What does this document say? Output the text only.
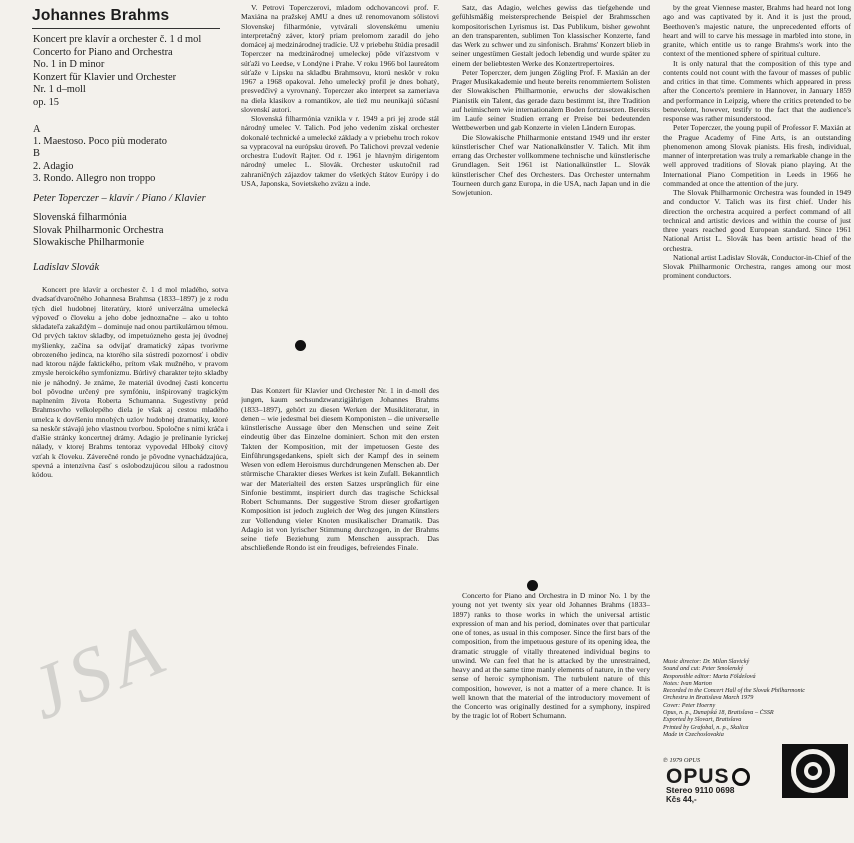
Johannes Brahms
Koncert pre klavír a orchester č. 1 d mol
Concerto for Piano and Orchestra
No. 1 in D minor
Konzert für Klavier und Orchester
Nr. 1 d–moll
op. 15
A
1. Maestoso. Poco più moderato
B
2. Adagio
3. Rondo. Allegro non troppo
Peter Toperczer – klavír / Piano / Klavier
Slovenská filharmónia
Slovak Philharmonic Orchestra
Slowakische Philharmonie
Ladislav Slovák

Koncert pre klavír a orchester č. 1 d mol mladého, sotva dvadsaťdvaročného Johannesa Brahmsa (1833–1897) je z rodu tých diel hudobnej literatúry, ktoré univerzálna umelecká výpoveď o človeku a jeho dobe jednoznačne – ako u tohto skladateľa zakaždým – dominuje nad onou partikulárnou témou. Od prvých taktov skladby, od impetuózneho gesta jej úvodnej myšlienky, začína sa odvíjať dramatický zápas tvorivme obrozeného jedinca, na ktorého sila sústredí pozornosť i obdiv nad ktorou nájde faktického, prítom však mužného, v pravom zmysle heroického symfonizmu. Búrlivý charakter tejto skladby nie je náhodný. Je známe, že materiál úvodnej časti koncertu bol pôvodne určený pre symfóniu, inšpirovaný tragickým naplnením života Roberta Schumanna. Sugestívny prúd Brahmsovho velkolepého diela je však aj cestou mladého umelca k dovŕšeniu mnohých uzlov hudobnej dramatiky, ktoré sa neskôr stávajú jeho vlastnou tvorbou. Spoločne s nimi kráča i ďalšie stránky koncertnej drámy. Adagio je prelínanie lyrickej nálady, v ktorej Brahms tentoraz vypovedal Hlboký citový vzťah k človeku. Záverečné rondo je pôvodne vynachádzajúca, spevná a intenzívna časť s oslobodzujúcou silou a radostnou kódou.

V. Petrovi Toperczerovi, mladom odchovancovi prof. F. Maxiána na pražskej AMU a dnes už renomovanom sólistovi Slovenskej filharmónie, vytvárali slovenskému umeniu interpretačný záver, ktorý priam prelomom zaradil do jeho domácej aj medzinárodnej tradície. Už v priebehu štúdia presadil Toperczer na medzinárodnej umeleckej pôde víťazstvom v súťaži vo Leedse, v Londýne i Prahe. V roku 1966 bol laureátom súťaže v Lipsku na skladbu Brahmsovu, ktorú neskôr v roku 1967 a 1968 opakoval. Jeho umelecký profil je dnes bohatý, presvedčivý a vyrovnaný. Toperczer ako interpret sa zameriava na diela klasikov a romantikov, ale tiež mu neunikajú súčasní slovenskí autori.

Slovenská filharmónia vznikla v r. 1949 a pri jej zrode stál národný umelec V. Talich. Pod jeho vedením získal orchester dokonalé technické a umelecké základy a v priebehu troch rokov sa vypracoval na európsku úroveň. Po Talichovi prevzal vedenie orchestra Ľudovít Rajter. Od r. 1961 je hlavným dirigentom národný umelec L. Slovák. Orchester uskutočnil rad zahraničných zájazdov takmer do všetkých štátov Európy i do USA, Japonska, Sovietskeho zväzu a inde.

Das Konzert für Klavier und Orchester Nr. 1 in d-moll des jungen, kaum sechsundzwanzigjährigen Johannes Brahms (1833–1897), gehört zu diesen Werken der Musikliteratur, in denen – wie jedesmal bei diesem Komponisten – die universelle künstlerische Aussage über den Menschen und seine Zeit eindeutig über das Einzelne dominiert. Schon mit den ersten Takten der Komposition, mit der impetuosen Geste des Einführungsgedankens, spielt sich der Kampf des in seinem Wesen von edlem Heroismus durchdrungenen Menschen ab. Der stürmische Charakter dieses Werkes ist kein Zufall. Bekanntlich war der Materialteil des ersten Satzes ursprünglich für eine Sinfonie bestimmt, inspiriert durch das tragische Schicksal Robert Schumanns. Der suggestive Strom dieser großartigen Komposition ist jedoch zugleich der Weg des jungen Künstlers zur Vollendung vieler Knoten musikalischer Dramatik. Das Adagio ist von lyrischer Stimmung durchzogen, in der Brahms seine tiefe Beziehung zum Menschen aussprach. Das abschließende Rondo ist ein freudiges, befreiendes Finale.

Satz, das Adagio, welches gewiss das tiefgehende und gefühlsmäßig meistersprechende Beispiel der Brahmsschen kompositorischen Lyrismus ist. Das Publikum, bisher gewohnt an den transparenten, sublimen Ton klassischer Konzerte, fand das Werk zu schwer und zu sinfonisch. Brahms' Konzert blieb in seiner ungestümen Gestalt jedoch lebendig und wurde später zu einem der beliebtesten Werke des Konzertrepertoires.

Peter Toperczer, dem jungen Zögling Prof. F. Maxián an der Prager Musikakademie und heute bereits renommiertem Solisten der Slowakischen Philharmonie, erwuchs der slowakischen Pianistik ein Talent, das gerade dazu bestimmt ist, ihre Tradition auf heimischem wie internationalem Boden fortzusetzen. Bereits im Laufe seiner Studien errang er Preise bei bedeutenden Wettbewerben und gab Konzerte in vielen Ländern Europas.

Die Slowakische Philharmonie entstand 1949 und ihr erster künstlerischer Chef war Nationalkünstler V. Talich. Mit ihm errang das Orchester vollkommene technische und künstlerische Grundlagen. Seit 1961 ist Nationalkünstler L. Slovák künstlerischer Chef des Orchesters. Das Orchester unternahm Tourneen durch ganz Europa, in die USA, nach Japan und in die Sowjetunion.

Concerto for Piano and Orchestra in D minor No. 1 by the young not yet twenty six year old Johannes Brahms (1833–1897) ranks to those works in which the universal artistic expression of man and his period, dominates over that particular one of tones, as usual in this composer. Since the first bars of the composition, from the impetuous gesture of its opening idea, the dramatic struggle of vitally threatened individual begins to unwind. We can feel that he is attacked by the unrestrained, heavy and at the same time manly elements of nature, in the very sense of heroic symphonism. The turbulent nature of this composition, however, is not a matter of a mere chance. It is well known that the material of the introductory movement of the Concerto was originally destined for a symphony, inspired by the tragic lot of Robert Schumann.

by the great Viennese master, Brahms had heard not long ago and was captivated by it. And it is just the proud, Beethoven's majestic nature, the unprecedented efforts of heart and will to carve his message in marbled into stone, in granite, which entitle us to range Brahms's work into the context of the mentioned sphere of spiritual culture.

It is only natural that the composition of this type and contents could not count with the favour of masses of public and critics in that time. Comments which appeared in press after the Concerto's premiere in Hannover, in January 1859 and performance in Leipzig, where the critics pretended to be benevolent, however, testify to the fact that the audience's response was rather misunderstood.

Peter Toperczer, the young pupil of Professor F. Maxián at the Prague Academy of Fine Arts, is an outstanding phenomenon among Slovak pianists. His fresh, individual, manner of interpretation was truly a remarkable change in the well approved traditions of Slovak piano playing. At the International Piano Competition in Leeds in 1966 he commanded at once the attention of the jury.

The Slovak Philharmonic Orchestra was founded in 1949 and conductor V. Talich was its first chief. Under his direction the orchestra acquired a perfect command of all technical and artistic devices and within the course of just three years reached good European standard. Since 1961 National Artist L. Slovák has been artistic head of the orchestra.

National artist Ladislav Slovák, Conductor-in-Chief of the Slovak Philharmonic Orchestra, ranges among our most prominent conductors.

Music director: Dr. Milan Slavický
Sound and cut: Peter Smolenský
Responsible editor: Marta Földešová
Notes: Ivan Marton
Recorded in the Concert Hall of the Slovak Philharmonic
Orchestra in Bratislava March 1979
Cover: Peter Hoerny
Opus, n. p., Dunajská 18, Bratislava – ČSSR
Exported by Slovart, Bratislava
Printed by Grafobal, n. p., Skalica
Made in Czechoslovakia
℗ 1979 OPUS
OPUS
Stereo 9110 0698
Kčs 44,-
JSA
